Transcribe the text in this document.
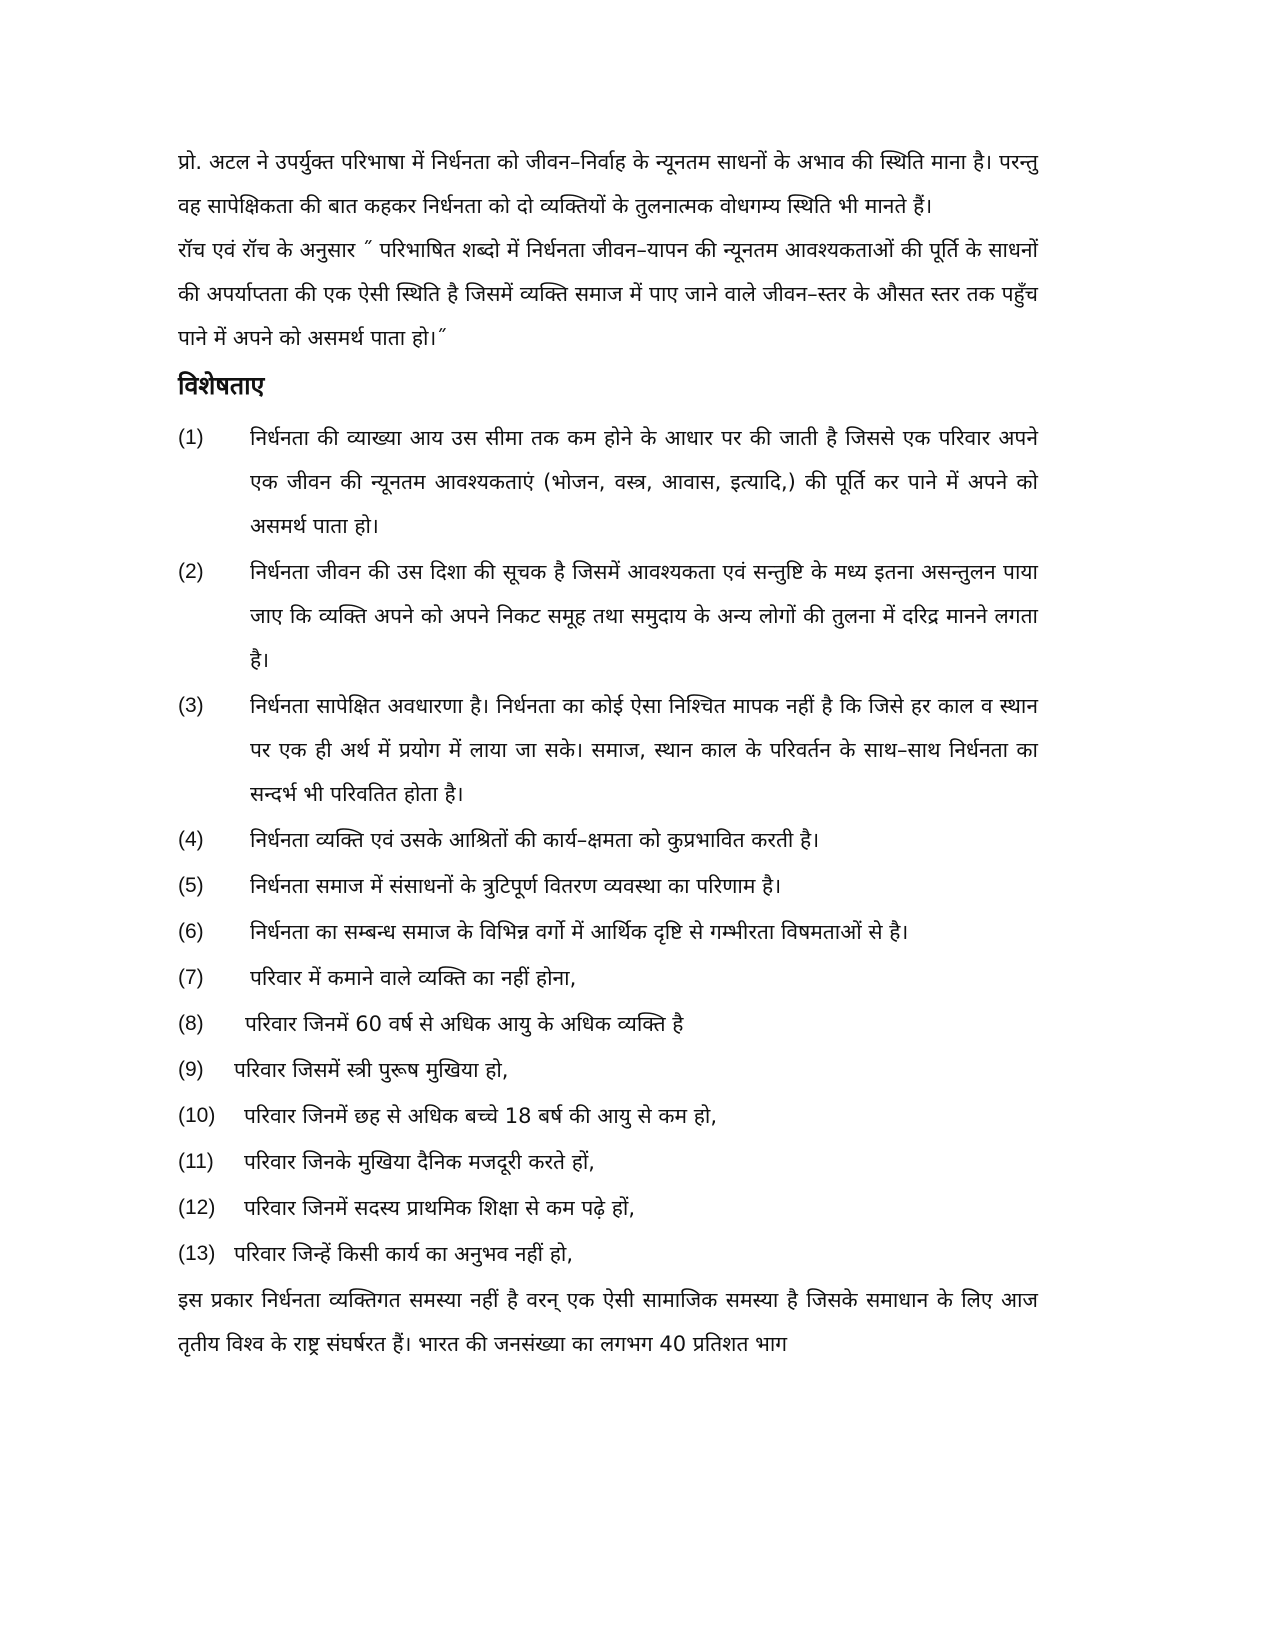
प्रो. अटल ने उपर्युक्त परिभाषा में निर्धनता को जीवन–निर्वाह के न्यूनतम साधनों के अभाव की स्थिति माना है। परन्तु वह सापेक्षिकता की बात कहकर निर्धनता को दो व्यक्तियों के तुलनात्मक वोधगम्य स्थिति भी मानते हैं।

रॉच एवं रॉच के अनुसार ˝ परिभाषित शब्दो में निर्धनता जीवन–यापन की न्यूनतम आवश्यकताओं की पूर्ति के साधनों की अपर्याप्तता की एक ऐसी स्थिति है जिसमें व्यक्ति समाज में पाए जाने वाले जीवन–स्तर के औसत स्तर तक पहुँच पाने में अपने को असमर्थ पाता हो।˝

विशेषताए
(1)	निर्धनता की व्याख्या आय उस सीमा तक कम होने के आधार पर की जाती है जिससे एक परिवार अपने एक जीवन की न्यूनतम आवश्यकताएं (भोजन, वस्त्र, आवास, इत्यादि,) की पूर्ति कर पाने में अपने को असमर्थ पाता हो।
(2)	निर्धनता जीवन की उस दिशा की सूचक है जिसमें आवश्यकता एवं सन्तुष्टि के मध्य इतना असन्तुलन पाया जाए कि व्यक्ति अपने को अपने निकट समूह तथा समुदाय के अन्य लोगों की तुलना में दरिद्र मानने लगता है।
(3)	निर्धनता सापेक्षित अवधारणा है। निर्धनता का कोई ऐसा निश्चित मापक नहीं है कि जिसे हर काल व स्थान पर एक ही अर्थ में प्रयोग में लाया जा सके। समाज, स्थान काल के परिवर्तन के साथ–साथ निर्धनता का सन्दर्भ भी परिवतित होता है।
(4)	निर्धनता व्यक्ति एवं उसके आश्रितों की कार्य–क्षमता को कुप्रभावित करती है।
(5)	निर्धनता समाज में संसाधनों के त्रुटिपूर्ण वितरण व्यवस्था का परिणाम है।
(6)	निर्धनता का सम्बन्ध समाज के विभिन्न वर्गो में आर्थिक दृष्टि से गम्भीरता विषमताओं से है।
(7)	परिवार में कमाने वाले व्यक्ति का नहीं होना,
(8)	परिवार जिनमें 60 वर्ष से अधिक आयु के अधिक व्यक्ति है
(9)	परिवार जिसमें स्त्री पुरूष मुखिया हो,
(10)	परिवार जिनमें छह से अधिक बच्चे 18 बर्ष की आयु से कम हो,
(11)	परिवार जिनके मुखिया दैनिक मजदूरी करते हों,
(12)	परिवार जिनमें सदस्य प्राथमिक शिक्षा से कम पढ़े हों,
(13) परिवार जिन्हें किसी कार्य का अनुभव नहीं हो,

इस प्रकार निर्धनता व्यक्तिगत समस्या नहीं है वरन् एक ऐसी सामाजिक समस्या है जिसके समाधान के लिए आज तृतीय विश्व के राष्ट्र संघर्षरत हैं। भारत की जनसंख्या का लगभग 40 प्रतिशत भाग
